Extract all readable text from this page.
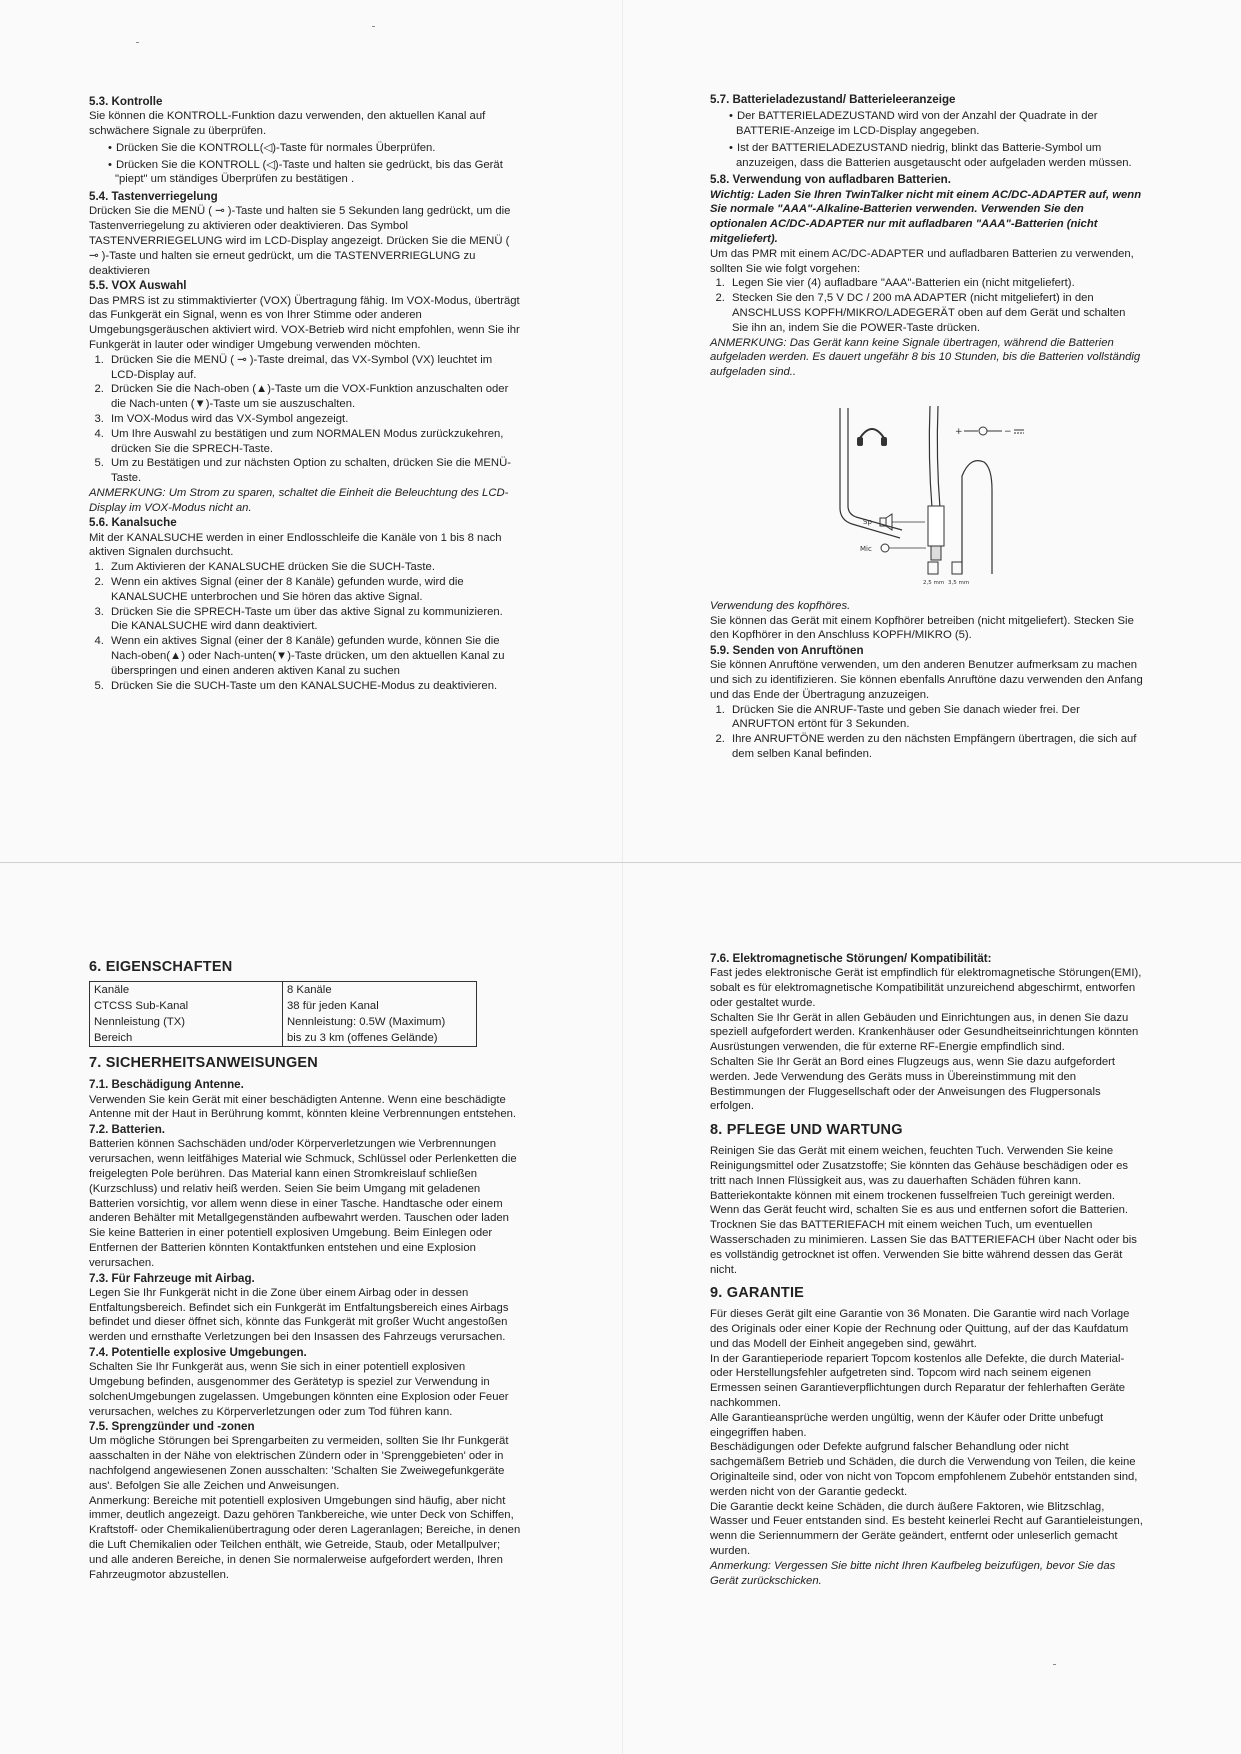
5.3. Kontrolle

Sie können die KONTROLL-Funktion dazu verwenden, den aktuellen Kanal auf schwächere Signale zu überprüfen.

• Drücken Sie die KONTROLL(◁)-Taste für normales Überprüfen.
• Drücken Sie die KONTROLL (◁)-Taste und halten sie gedrückt, bis das Gerät "piept" um ständiges Überprüfen zu bestätigen .
5.4. Tastenverriegelung

Drücken Sie die MENÜ ( ⊸ )-Taste und halten sie 5 Sekunden lang gedrückt, um die Tastenverriegelung zu aktivieren oder deaktivieren. Das Symbol TASTENVERRIEGELUNG wird im LCD-Display angezeigt. Drücken Sie die MENÜ ( ⊸ )-Taste und halten sie erneut gedrückt, um die TASTENVERRIEGLUNG zu deaktivieren

5.5. VOX Auswahl

Das PMRS ist zu stimmaktivierter (VOX) Übertragung fähig. Im VOX-Modus, überträgt das Funkgerät ein Signal, wenn es von Ihrer Stimme oder anderen Umgebungsgeräuschen aktiviert wird. VOX-Betrieb wird nicht empfohlen, wenn Sie ihr Funkgerät in lauter oder windiger Umgebung verwenden möchten.

1. Drücken Sie die MENÜ ( ⊸ )-Taste dreimal, das VX-Symbol (VX) leuchtet im LCD-Display auf.
2. Drücken Sie die Nach-oben (▲)-Taste um die VOX-Funktion anzuschalten oder die Nach-unten (▼)-Taste um sie auszuschalten.
3. Im VOX-Modus wird das VX-Symbol angezeigt.
4. Um Ihre Auswahl zu bestätigen und zum NORMALEN Modus zurückzukehren, drücken Sie die SPRECH-Taste.
5. Um zu Bestätigen und zur nächsten Option zu schalten, drücken Sie die MENÜ-Taste.

ANMERKUNG: Um Strom zu sparen, schaltet die Einheit die Beleuchtung des LCD-Display im VOX-Modus nicht an.

5.6. Kanalsuche

Mit der KANALSUCHE werden in einer Endlosschleife die Kanäle von 1 bis 8 nach aktiven Signalen durchsucht.

1. Zum Aktivieren der KANALSUCHE drücken Sie die SUCH-Taste.
2. Wenn ein aktives Signal (einer der 8 Kanäle) gefunden wurde, wird die KANALSUCHE unterbrochen und Sie hören das aktive Signal.
3. Drücken Sie die SPRECH-Taste um über das aktive Signal zu kommunizieren. Die KANALSUCHE wird dann deaktiviert.
4. Wenn ein aktives Signal (einer der 8 Kanäle) gefunden wurde, können Sie die Nach-oben(▲) oder Nach-unten(▼)-Taste drücken, um den aktuellen Kanal zu überspringen und einen anderen aktiven Kanal zu suchen
5. Drücken Sie die SUCH-Taste um den KANALSUCHE-Modus zu deaktivieren.
5.7. Batterieladezustand/ Batterieleeranzeige
• Der BATTERIELADEZUSTAND wird von der Anzahl der Quadrate in der BATTERIE-Anzeige im LCD-Display angegeben.
• Ist der BATTERIELADEZUSTAND niedrig, blinkt das Batterie-Symbol um anzuzeigen, dass die Batterien ausgetauscht oder aufgeladen werden müssen.
5.8. Verwendung von aufladbaren Batterien.

Wichtig: Laden Sie Ihren TwinTalker nicht mit einem AC/DC-ADAPTER auf, wenn Sie normale "AAA"-Alkaline-Batterien verwenden. Verwenden Sie den optionalen AC/DC-ADAPTER nur mit aufladbaren "AAA"-Batterien (nicht mitgeliefert).

Um das PMR mit einem AC/DC-ADAPTER und aufladbaren Batterien zu verwenden, sollten Sie wie folgt vorgehen:

1. Legen Sie vier (4) aufladbare "AAA"-Batterien ein (nicht mitgeliefert).
2. Stecken Sie den 7,5 V DC / 200 mA ADAPTER (nicht mitgeliefert) in den ANSCHLUSS KOPFH/MIKRO/LADEGERÄT oben auf dem Gerät und schalten Sie ihn an, indem Sie die POWER-Taste drücken.

ANMERKUNG: Das Gerät kann keine Signale übertragen, während die Batterien aufgeladen werden. Es dauert ungefähr 8 bis 10 Stunden, bis die Batterien vollständig aufgeladen sind..

+	−
Sp
Mic
2,5 mm 3,5 mm

Verwendung des kopfhöres.

Sie können das Gerät mit einem Kopfhörer betreiben (nicht mitgeliefert). Stecken Sie den Kopfhörer in den Anschluss KOPFH/MIKRO (5).

5.9. Senden von Anruftönen

Sie können Anruftöne verwenden, um den anderen Benutzer aufmerksam zu machen und sich zu identifizieren. Sie können ebenfalls Anruftöne dazu verwenden den Anfang und das Ende der Übertragung anzuzeigen.

1. Drücken Sie die ANRUF-Taste und geben Sie danach wieder frei. Der ANRUFTON ertönt für 3 Sekunden.
2. Ihre ANRUFTÖNE werden zu den nächsten Empfängern übertragen, die sich auf dem selben Kanal befinden.
6. EIGENSCHAFTEN
Kanäle	8 Kanäle
CTCSS Sub-Kanal	38 für jeden Kanal
Nennleistung (TX)	Nennleistung: 0.5W (Maximum)
Bereich	bis zu 3 km (offenes Gelände)
7. SICHERHEITSANWEISUNGEN
7.1. Beschädigung Antenne.

Verwenden Sie kein Gerät mit einer beschädigten Antenne. Wenn eine beschädigte Antenne mit der Haut in Berührung kommt, könnten kleine Verbrennungen entstehen.

7.2. Batterien.

Batterien können Sachschäden und/oder Körperverletzungen wie Verbrennungen verursachen, wenn leitfähiges Material wie Schmuck, Schlüssel oder Perlenketten die freigelegten Pole berühren. Das Material kann einen Stromkreislauf schließen (Kurzschluss) und relativ heiß werden. Seien Sie beim Umgang mit geladenen Batterien vorsichtig, vor allem wenn diese in einer Tasche. Handtasche oder einem anderen Behälter mit Metallgegenständen aufbewahrt werden. Tauschen oder laden Sie keine Batterien in einer potentiell explosiven Umgebung. Beim Einlegen oder Entfernen der Batterien könnten Kontaktfunken entstehen und eine Explosion verursachen.

7.3. Für Fahrzeuge mit Airbag.

Legen Sie Ihr Funkgerät nicht in die Zone über einem Airbag oder in dessen Entfaltungsbereich. Befindet sich ein Funkgerät im Entfaltungsbereich eines Airbags befindet und dieser öffnet sich, könnte das Funkgerät mit großer Wucht angestoßen werden und ernsthafte Verletzungen bei den Insassen des Fahrzeugs verursachen.

7.4. Potentielle explosive Umgebungen.

Schalten Sie Ihr Funkgerät aus, wenn Sie sich in einer potentiell explosiven Umgebung befinden, ausgenommer des Gerätetyp is speziel zur Verwendung in solchenUmgebungen zugelassen. Umgebungen könnten eine Explosion oder Feuer verursachen, welches zu Körperverletzungen oder zum Tod führen kann.

7.5. Sprengzünder und -zonen

Um mögliche Störungen bei Sprengarbeiten zu vermeiden, sollten Sie Ihr Funkgerät aasschalten in der Nähe von elektrischen Zündern oder in 'Sprenggebieten' oder in nachfolgend angewiesenen Zonen ausschalten: 'Schalten Sie Zweiwegefunkgeräte aus'. Befolgen Sie alle Zeichen und Anweisungen.

Anmerkung: Bereiche mit potentiell explosiven Umgebungen sind häufig, aber nicht immer, deutlich angezeigt. Dazu gehören Tankbereiche, wie unter Deck von Schiffen, Kraftstoff- oder Chemikalienübertragung oder deren Lageranlagen; Bereiche, in denen die Luft Chemikalien oder Teilchen enthält, wie Getreide, Staub, oder Metallpulver; und alle anderen Bereiche, in denen Sie normalerweise aufgefordert werden, Ihren Fahrzeugmotor abzustellen.

7.6. Elektromagnetische Störungen/ Kompatibilität:

Fast jedes elektronische Gerät ist empfindlich für elektromagnetische Störungen(EMI), sobalt es für elektromagnetische Kompatibilität unzureichend abgeschirmt, entworfen oder gestaltet wurde.

Schalten Sie Ihr Gerät in allen Gebäuden und Einrichtungen aus, in denen Sie dazu speziell aufgefordert werden. Krankenhäuser oder Gesundheitseinrichtungen könnten Ausrüstungen verwenden, die für externe RF-Energie empfindlich sind.

Schalten Sie Ihr Gerät an Bord eines Flugzeugs aus, wenn Sie dazu aufgefordert werden. Jede Verwendung des Geräts muss in Übereinstimmung mit den Bestimmungen der Fluggesellschaft oder der Anweisungen des Flugpersonals erfolgen.

8. PFLEGE UND WARTUNG

Reinigen Sie das Gerät mit einem weichen, feuchten Tuch. Verwenden Sie keine Reinigungsmittel oder Zusatzstoffe; Sie könnten das Gehäuse beschädigen oder es tritt nach Innen Flüssigkeit aus, was zu dauerhaften Schäden führen kann. Batteriekontakte können mit einem trockenen fusselfreien Tuch gereinigt werden. Wenn das Gerät feucht wird, schalten Sie es aus und entfernen sofort die Batterien. Trocknen Sie das BATTERIEFACH mit einem weichen Tuch, um eventuellen Wasserschaden zu minimieren. Lassen Sie das BATTERIEFACH über Nacht oder bis es vollständig getrocknet ist offen. Verwenden Sie bitte während dessen das Gerät nicht.

9. GARANTIE

Für dieses Gerät gilt eine Garantie von 36 Monaten. Die Garantie wird nach Vorlage des Originals oder einer Kopie der Rechnung oder Quittung, auf der das Kaufdatum und das Modell der Einheit angegeben sind, gewährt.

In der Garantieperiode repariert Topcom kostenlos alle Defekte, die durch Material- oder Herstellungsfehler aufgetreten sind. Topcom wird nach seinem eigenen Ermessen seinen Garantieverpflichtungen durch Reparatur der fehlerhaften Geräte nachkommen.

Alle Garantieansprüche werden ungültig, wenn der Käufer oder Dritte unbefugt eingegriffen haben.

Beschädigungen oder Defekte aufgrund falscher Behandlung oder nicht sachgemäßem Betrieb und Schäden, die durch die Verwendung von Teilen, die keine Originalteile sind, oder von nicht von Topcom empfohlenem Zubehör entstanden sind, werden nicht von der Garantie gedeckt.

Die Garantie deckt keine Schäden, die durch äußere Faktoren, wie Blitzschlag, Wasser und Feuer entstanden sind. Es besteht keinerlei Recht auf Garantieleistungen, wenn die Seriennummern der Geräte geändert, entfernt oder unleserlich gemacht wurden.

Anmerkung: Vergessen Sie bitte nicht Ihren Kaufbeleg beizufügen, bevor Sie das Gerät zurückschicken.
